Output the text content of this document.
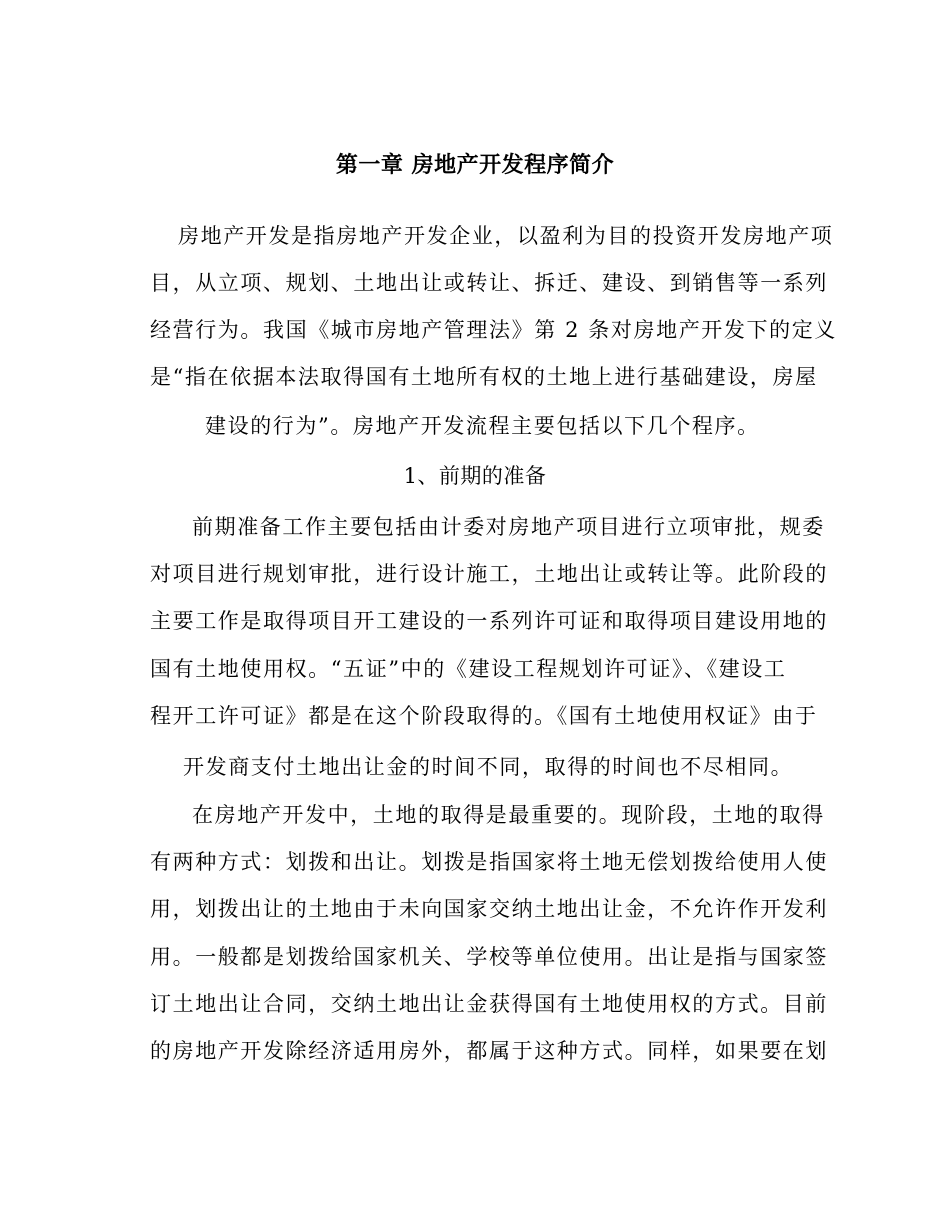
第一章 房地产开发程序简介
房地产开发是指房地产开发企业，以盈利为目的投资开发房地产项
目，从立项、规划、土地出让或转让、拆迁、建设、到销售等一系列
经营行为。我国《城市房地产管理法》第 2 条对房地产开发下的定义
是“指在依据本法取得国有土地所有权的土地上进行基础建设，房屋
建设的行为”。房地产开发流程主要包括以下几个程序。
1、前期的准备
前期准备工作主要包括由计委对房地产项目进行立项审批，规委
对项目进行规划审批，进行设计施工，土地出让或转让等。此阶段的
主要工作是取得项目开工建设的一系列许可证和取得项目建设用地的
国有土地使用权。“五证”中的《建设工程规划许可证》、《建设工
程开工许可证》都是在这个阶段取得的。《国有土地使用权证》由于
开发商支付土地出让金的时间不同，取得的时间也不尽相同。
在房地产开发中，土地的取得是最重要的。现阶段，土地的取得
有两种方式：划拨和出让。划拨是指国家将土地无偿划拨给使用人使
用，划拨出让的土地由于未向国家交纳土地出让金，不允许作开发利
用。一般都是划拨给国家机关、学校等单位使用。出让是指与国家签
订土地出让合同，交纳土地出让金获得国有土地使用权的方式。目前
的房地产开发除经济适用房外，都属于这种方式。同样，如果要在划
